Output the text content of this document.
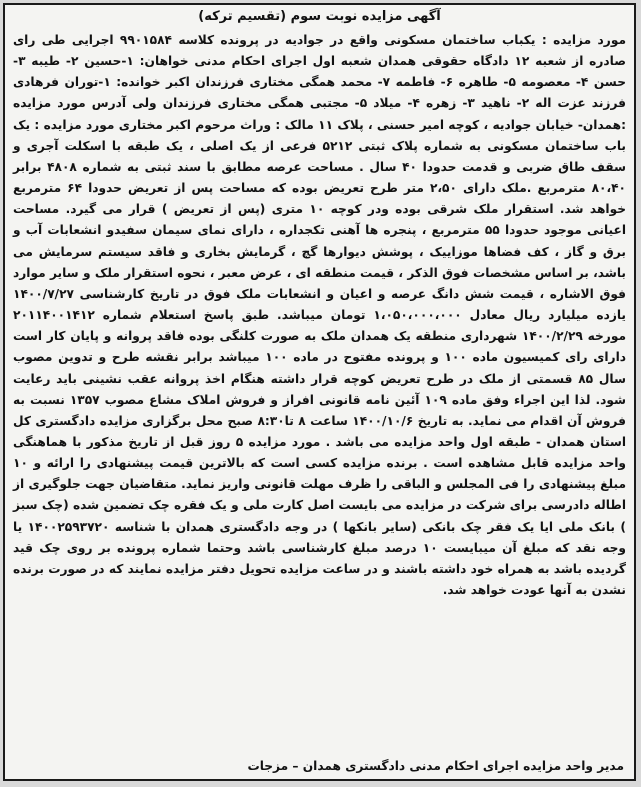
آگهی مزایده نوبت سوم (تقسیم ترکه)

مورد مزایده : یکباب ساختمان مسکونی واقع در جوادیه در پرونده کلاسه ۹۹۰۱۵۸۴ اجرایی طی رای صادره از شعبه ۱۲ دادگاه حقوقی همدان شعبه اول اجرای احکام مدنی خواهان: ۱-حسین ۲- طیبه ۳- حسن ۴- معصومه ۵- طاهره ۶- فاطمه ۷- محمد همگی مختاری فرزندان اکبر خوانده: ۱-توران فرهادی فرزند عزت اله ۲- ناهید ۳- زهره ۴- میلاد ۵- مجتبی همگی مختاری فرزندان ولی آدرس مورد مزایده :همدان- خیابان جوادیه ، کوچه امیر حسنی ، پلاک ۱۱ مالک : وراث مرحوم اکبر مختاری مورد مزایده : یک باب ساختمان مسکونی به شماره پلاک ثبتی ۵۲۱۲ فرعی از یک اصلی ، یک طبقه با اسکلت آجری و سقف طاق ضربی و قدمت حدودا ۴۰ سال . مساحت عرصه مطابق با سند ثبتی به شماره ۴۸۰۸ برابر ۸۰،۴۰ مترمربع .ملک دارای ۲،۵۰ متر طرح تعریض بوده که مساحت پس از تعریض حدودا ۶۴ مترمربع خواهد شد. استقرار ملک شرقی بوده ودر کوچه ۱۰ متری (پس از تعریض ) قرار می گیرد. مساحت اعیانی موجود حدودا ۵۵ مترمربع ، پنجره ها آهنی تکجداره ، دارای نمای سیمان سفیدو انشعابات آب و برق و گاز ، کف فضاها موزاییک ، پوشش دیوارها گچ ، گرمایش بخاری و فاقد سیستم سرمایش می باشد، بر اساس مشخصات فوق الذکر ، قیمت منطقه ای ، عرض معبر ، نحوه استقرار ملک و سایر موارد فوق الاشاره ، قیمت شش دانگ عرصه و اعیان و انشعابات ملک فوق در تاریخ کارشناسی ۱۴۰۰/۷/۲۷ یازده میلیارد ریال معادل ۱،۰۵۰،۰۰۰،۰۰۰ تومان میباشد. طبق پاسخ استعلام شماره ۲۰۱۱۴۰۰۱۴۱۲ مورخه ۱۴۰۰/۲/۲۹ شهرداری منطقه یک همدان ملک به صورت کلنگی بوده فاقد پروانه و پایان کار است دارای رای کمیسیون ماده ۱۰۰ و پرونده مفتوح در ماده ۱۰۰ میباشد برابر نقشه طرح و تدوین مصوب سال ۸۵ قسمتی از ملک در طرح تعریض کوچه قرار داشته هنگام اخذ پروانه عقب نشینی باید رعایت شود. لذا این اجراء وفق ماده ۱۰۹ آئین نامه قانونی افراز و فروش املاک مشاع مصوب ۱۳۵۷ نسبت به فروش آن اقدام می نماید. به تاریخ ۱۴۰۰/۱۰/۶ ساعت ۸ تا۸:۳۰ صبح محل برگزاری مزایده دادگستری کل استان همدان - طبقه اول واحد مزایده می باشد . مورد مزایده ۵ روز قبل از تاریخ مذکور با هماهنگی واحد مزایده قابل مشاهده است . برنده مزایده کسی است که بالاترین قیمت پیشنهادی را ارائه و ۱۰ مبلغ پیشنهادی را فی المجلس و الباقی را ظرف مهلت قانونی واریز نماید. متقاضیان جهت جلوگیری از اطاله دادرسی برای شرکت در مزایده می بایست اصل کارت ملی و یک فقره چک تضمین شده (چک سبز ) بانک ملی ایا یک فقر چک بانکی (سایر بانکها ) در وجه دادگستری همدان با شناسه ۱۴۰۰۲۵۹۳۷۲۰ یا وجه نقد که مبلغ آن میبایست ۱۰ درصد مبلغ کارشناسی باشد وحتما شماره پرونده بر روی چک قید گردیده باشد به همراه خود داشته باشند و در ساعت مزایده تحویل دفتر مزایده نمایند که در صورت برنده نشدن به آنها عودت خواهد شد.

مدیر واحد مزایده اجرای احکام مدنی دادگستری همدان – مزجات
